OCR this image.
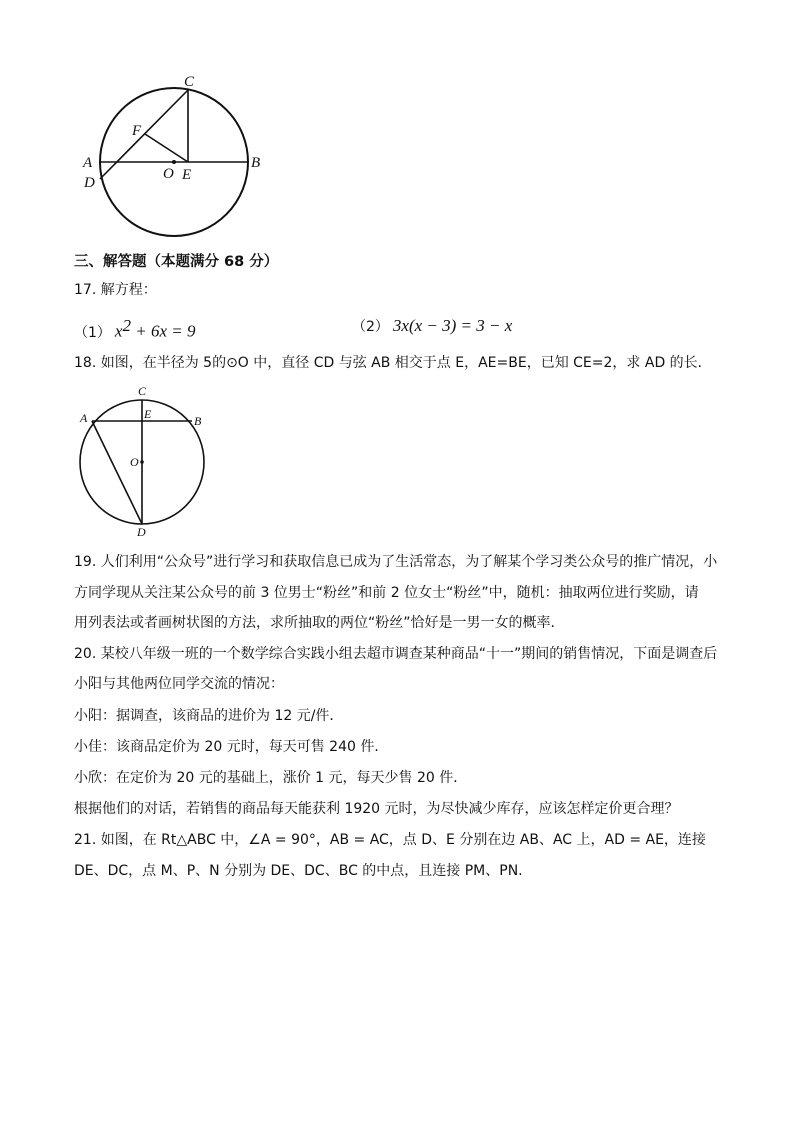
A
D
C
F
O E
B
三、解答题（本题满分 68 分）
17. 解方程：
（1） $x^2 + 6x = 9$	（2） 3x(x − 3) = 3 − x
18. 如图，在半径为 5的⊙O 中，直径 CD 与弦 AB 相交于点 E，AE=BE，已知 CE=2，求 AD 的长．
C
A	E	B
O
D
19. 人们利用“公众号”进行学习和获取信息已成为了生活常态，为了解某个学习类公众号的推广情况，小
方同学现从关注某公众号的前 3 位男士“粉丝”和前 2 位女士“粉丝”中，随机：抽取两位进行奖励，请
用列表法或者画树状图的方法，求所抽取的两位“粉丝”恰好是一男一女的概率．
20. 某校八年级一班的一个数学综合实践小组去超市调查某种商品“十一”期间的销售情况，下面是调查后
小阳与其他两位同学交流的情况：
小阳：据调查，该商品的进价为 12 元/件．
小佳：该商品定价为 20 元时，每天可售 240 件．
小欣：在定价为 20 元的基础上，涨价 1 元，每天少售 20 件．
根据他们的对话，若销售的商品每天能获利 1920 元时，为尽快减少库存，应该怎样定价更合理？
21. 如图，在 Rt△ABC 中，∠A = 90°，AB = AC，点 D、E 分别在边 AB、AC 上，AD = AE，连接
DE、DC，点 M、P、N 分别为 DE、DC、BC 的中点，且连接 PM、PN.
